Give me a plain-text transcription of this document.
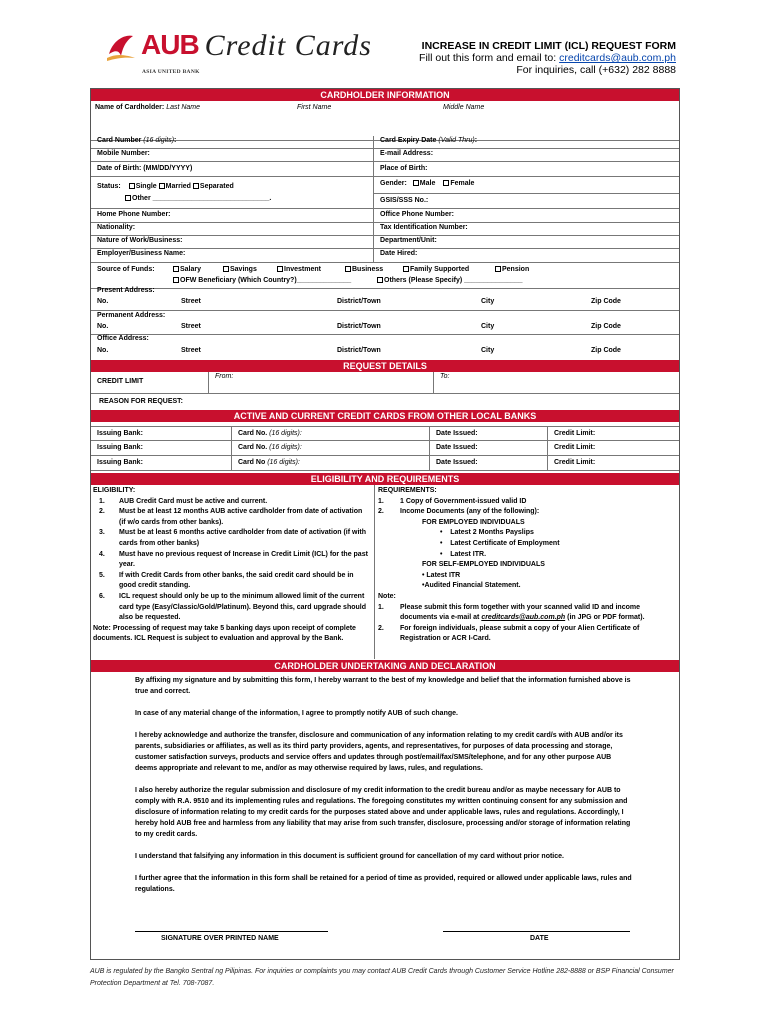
AUB
ASIA UNITED BANK
Credit Cards	INCREASE IN CREDIT LIMIT (ICL) REQUEST FORM
Fill out this form and email to: creditcards@aub.com.ph
For inquiries, call (+632) 282 8888
CARDHOLDER INFORMATION
Name of Cardholder: Last Name	First Name	Middle Name
Card Number (16 digits):	Card Expiry Date (Valid Thru):
Mobile Number:	E-mail Address:
Date of Birth: (MM/DD/YYYY)	Place of Birth:
Status: Single Married Separated
Other ______________________________.
Gender: Male Female
GSIS/SSS No.:
Home Phone Number:	Office Phone Number:
Nationality:	Tax Identification Number:
Nature of Work/Business:	Department/Unit:
Employer/Business Name:	Date Hired:
Source of Funds:	Salary	Savings	Investment	Business	Family Supported	Pension
OFW Beneficiary (Which Country?)______________	Others (Please Specify) _______________
Present Address:
No.	Street	District/Town	City	Zip Code
Permanent Address:
No.	Street	District/Town	City	Zip Code
Office Address:
No.	Street	District/Town	City	Zip Code
REQUEST DETAILS
CREDIT LIMIT
From:	To:
REASON FOR REQUEST:
ACTIVE AND CURRENT CREDIT CARDS FROM OTHER LOCAL BANKS
Issuing Bank:	Card No. (16 digits):	Date Issued:	Credit Limit:
Issuing Bank:	Card No. (16 digits):	Date Issued:	Credit Limit:
Issuing Bank:	Card No (16 digits):	Date Issued:	Credit Limit:
ELIGIBILITY AND REQUIREMENTS
ELIGIBILITY:
1.	AUB Credit Card must be active and current.
2.	Must be at least 12 months AUB active cardholder from date of activation (if w/o cards from other banks).
3.	Must be at least 6 months active cardholder from date of activation (if with cards from other banks)
4.	Must have no previous request of Increase in Credit Limit (ICL) for the past year.
5.	If with Credit Cards from other banks, the said credit card should be in good credit standing.
6.	ICL request should only be up to the minimum allowed limit of the current card type (Easy/Classic/Gold/Platinum). Beyond this, card upgrade should also be requested.
Note: Processing of request may take 5 banking days upon receipt of complete documents. ICL Request is subject to evaluation and approval by the Bank.
REQUIREMENTS:
1.	1 Copy of Government-issued valid ID
2.	Income Documents (any of the following):
FOR EMPLOYED INDIVIDUALS
•    Latest 2 Months Payslips
•    Latest Certificate of Employment
•    Latest ITR.
FOR SELF-EMPLOYED INDIVIDUALS
• Latest ITR
•Audited Financial Statement.
Note:
1.	Please submit this form together with your scanned valid ID and income documents via e-mail at creditcards@aub.com.ph (in JPG or PDF format).
2.	For foreign individuals, please submit a copy of your Alien Certificate of Registration or ACR I-Card.
CARDHOLDER UNDERTAKING AND DECLARATION

By affixing my signature and by submitting this form, I hereby warrant to the best of my knowledge and belief that the information furnished above is true and correct.

In case of any material change of the information, I agree to promptly notify AUB of such change.

I hereby acknowledge and authorize the transfer, disclosure and communication of any information relating to my credit card/s with AUB and/or its parents, subsidiaries or affiliates, as well as its third party providers, agents, and representatives, for purposes of data processing and storage, customer satisfaction surveys, products and service offers and updates through post/email/fax/SMS/telephone, and for any other purpose AUB deems appropriate and relevant to me, and/or as may otherwise required by laws, rules, and regulations.

I also hereby authorize the regular submission and disclosure of my credit information to the credit bureau and/or as maybe necessary for AUB to comply with R.A. 9510 and its implementing rules and regulations. The foregoing constitutes my written continuing consent for any submission and disclosure of information relating to my credit cards for the purposes stated above and under applicable laws, rules and regulations. Accordingly, I hereby hold AUB free and harmless from any liability that may arise from such transfer, disclosure, processing and/or storage of information relating to my credit cards.

I understand that falsifying any information in this document is sufficient ground for cancellation of my card without prior notice.

I further agree that the information in this form shall be retained for a period of time as provided, required or allowed under applicable laws, rules and regulations.

SIGNATURE OVER PRINTED NAME	DATE
AUB is regulated by the Bangko Sentral ng Pilipinas. For inquiries or complaints you may contact AUB Credit Cards through Customer Service Hotline 282-8888 or BSP Financial Consumer Protection Department at Tel. 708-7087.
